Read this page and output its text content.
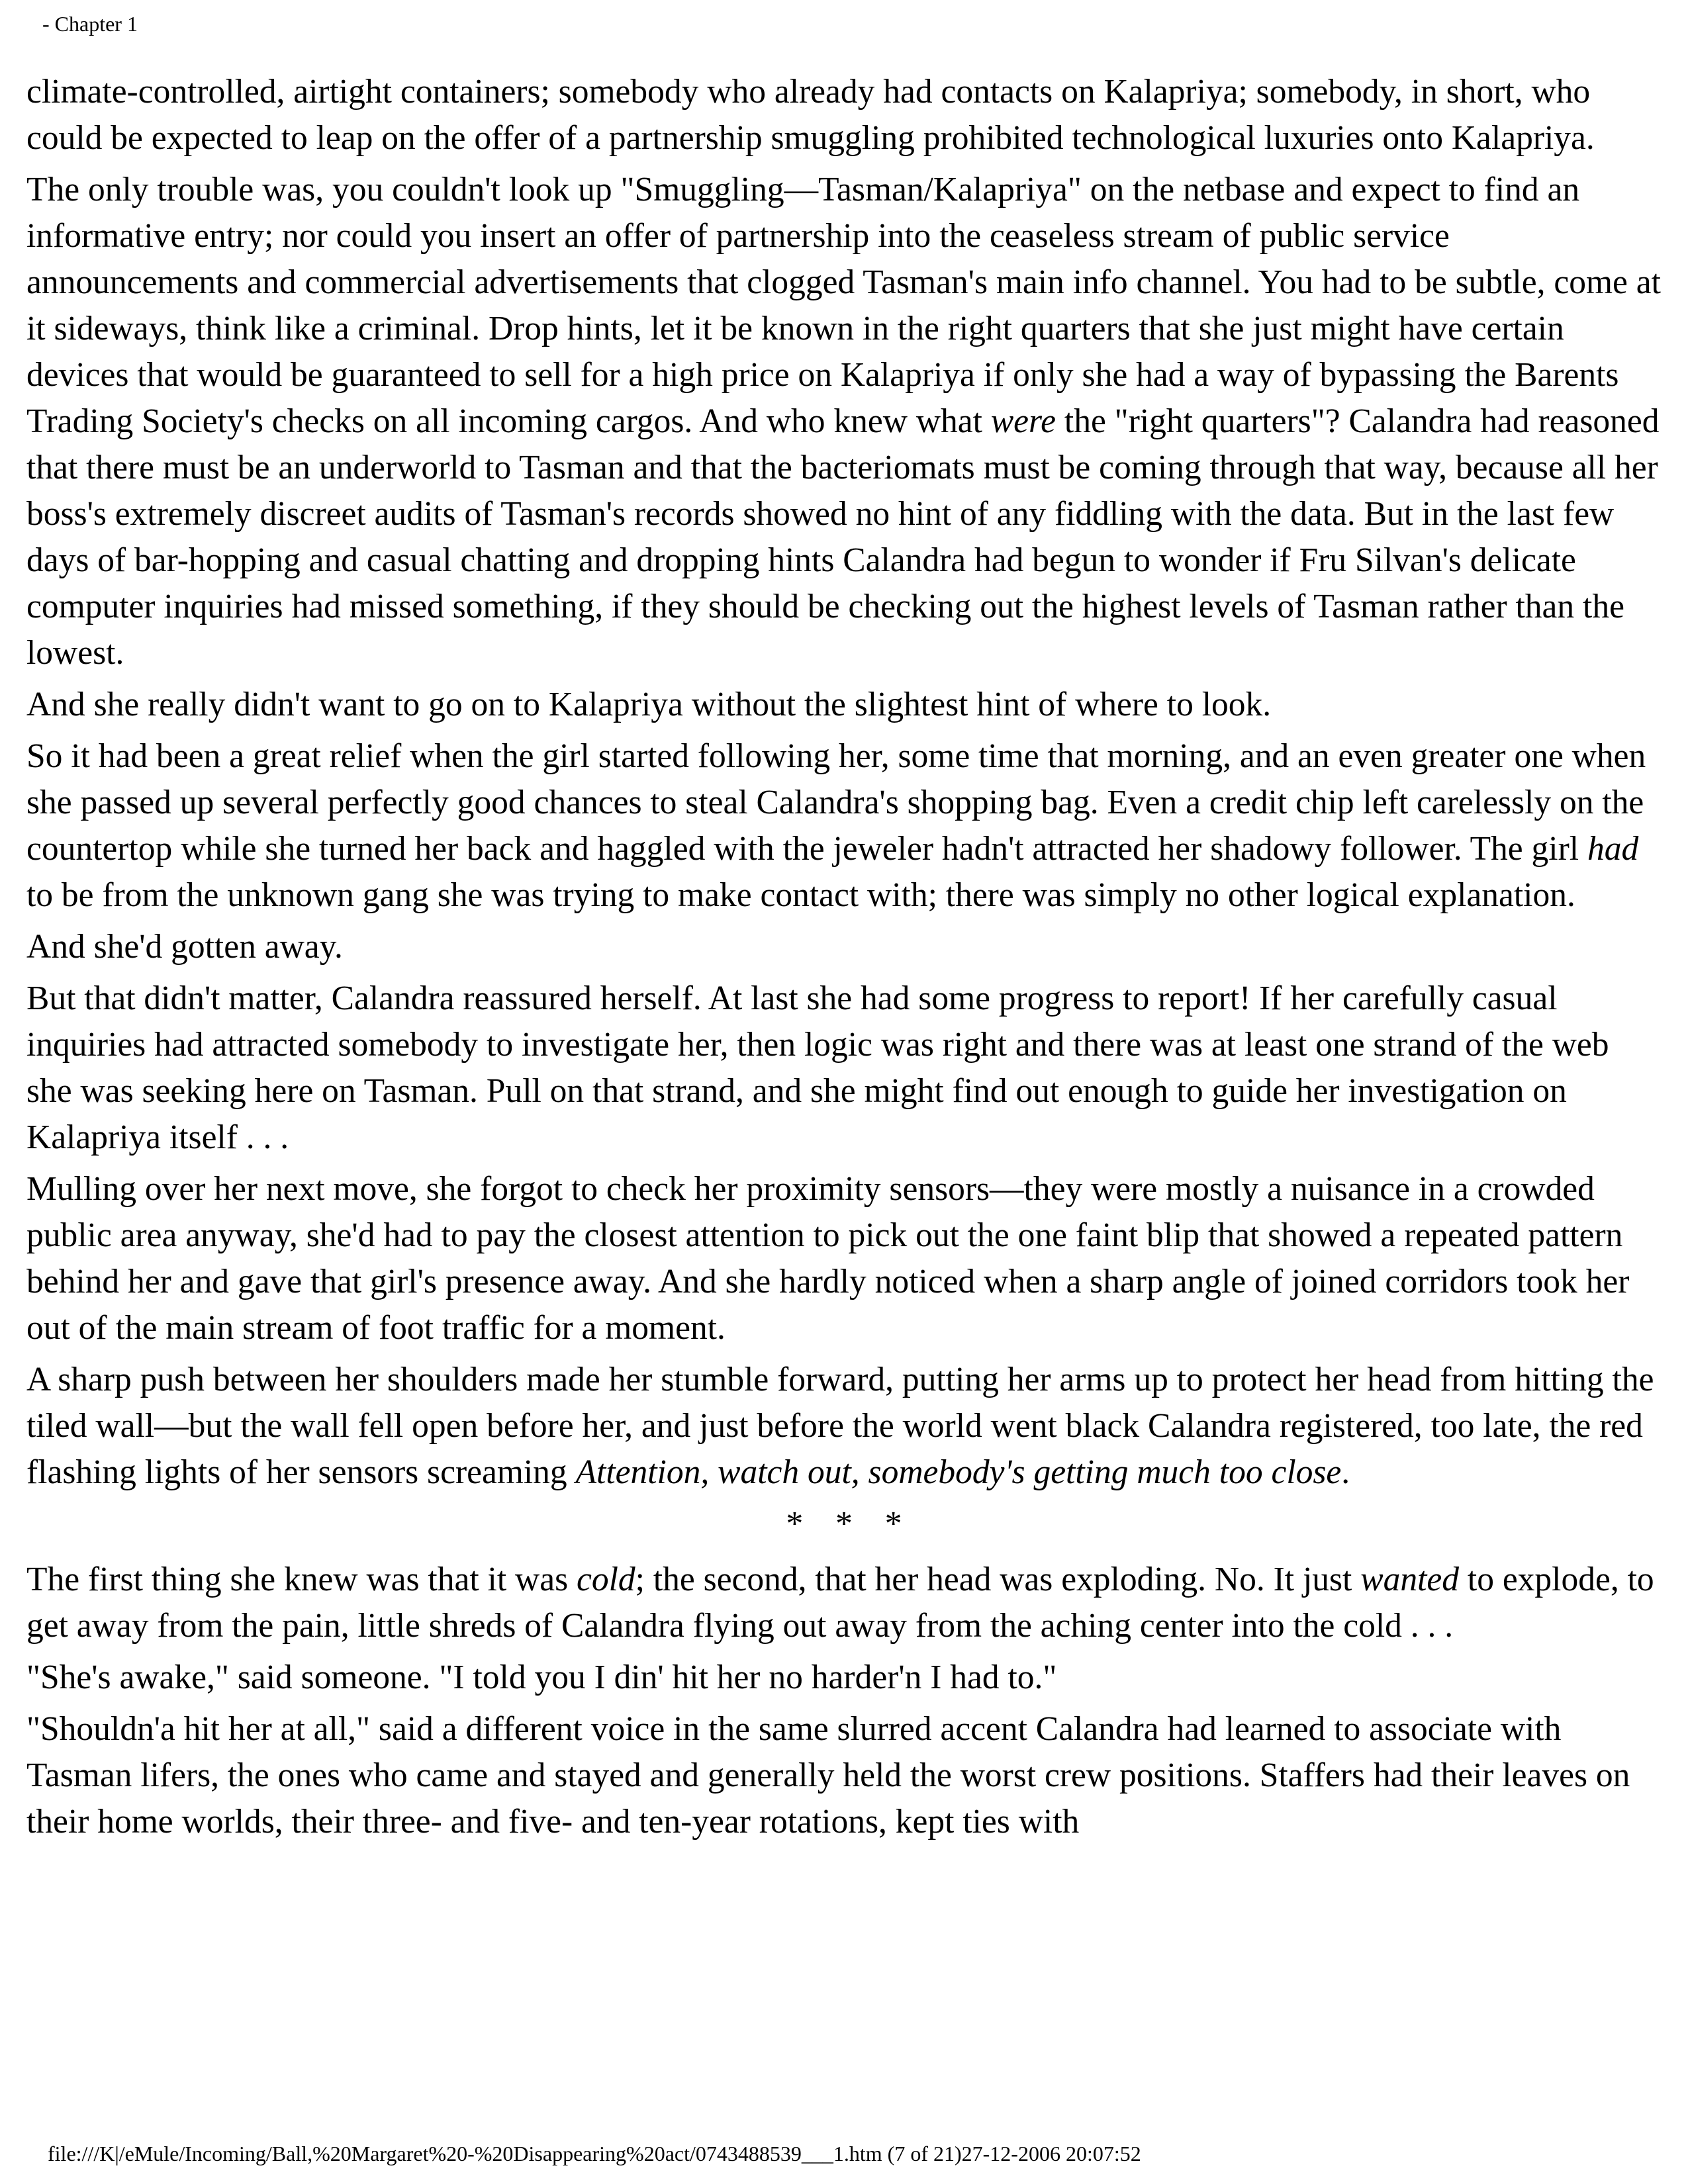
- Chapter 1

climate-controlled, airtight containers; somebody who already had contacts on Kalapriya; somebody, in short, who could be expected to leap on the offer of a partnership smuggling prohibited technological luxuries onto Kalapriya.

The only trouble was, you couldn't look up "Smuggling—Tasman/Kalapriya" on the netbase and expect to find an informative entry; nor could you insert an offer of partnership into the ceaseless stream of public service announcements and commercial advertisements that clogged Tasman's main info channel. You had to be subtle, come at it sideways, think like a criminal. Drop hints, let it be known in the right quarters that she just might have certain devices that would be guaranteed to sell for a high price on Kalapriya if only she had a way of bypassing the Barents Trading Society's checks on all incoming cargos. And who knew what were the "right quarters"? Calandra had reasoned that there must be an underworld to Tasman and that the bacteriomats must be coming through that way, because all her boss's extremely discreet audits of Tasman's records showed no hint of any fiddling with the data. But in the last few days of bar-hopping and casual chatting and dropping hints Calandra had begun to wonder if Fru Silvan's delicate computer inquiries had missed something, if they should be checking out the highest levels of Tasman rather than the lowest.

And she really didn't want to go on to Kalapriya without the slightest hint of where to look.

So it had been a great relief when the girl started following her, some time that morning, and an even greater one when she passed up several perfectly good chances to steal Calandra's shopping bag. Even a credit chip left carelessly on the countertop while she turned her back and haggled with the jeweler hadn't attracted her shadowy follower. The girl had to be from the unknown gang she was trying to make contact with; there was simply no other logical explanation.

And she'd gotten away.

But that didn't matter, Calandra reassured herself. At last she had some progress to report! If her carefully casual inquiries had attracted somebody to investigate her, then logic was right and there was at least one strand of the web she was seeking here on Tasman. Pull on that strand, and she might find out enough to guide her investigation on Kalapriya itself . . .

Mulling over her next move, she forgot to check her proximity sensors—they were mostly a nuisance in a crowded public area anyway, she'd had to pay the closest attention to pick out the one faint blip that showed a repeated pattern behind her and gave that girl's presence away. And she hardly noticed when a sharp angle of joined corridors took her out of the main stream of foot traffic for a moment.

A sharp push between her shoulders made her stumble forward, putting her arms up to protect her head from hitting the tiled wall—but the wall fell open before her, and just before the world went black Calandra registered, too late, the red flashing lights of her sensors screaming Attention, watch out, somebody's getting much too close.

* * *

The first thing she knew was that it was cold; the second, that her head was exploding. No. It just wanted to explode, to get away from the pain, little shreds of Calandra flying out away from the aching center into the cold . . .

"She's awake," said someone. "I told you I din' hit her no harder'n I had to."

"Shouldn'a hit her at all," said a different voice in the same slurred accent Calandra had learned to associate with Tasman lifers, the ones who came and stayed and generally held the worst crew positions. Staffers had their leaves on their home worlds, their three- and five- and ten-year rotations, kept ties with

file:///K|/eMule/Incoming/Ball,%20Margaret%20-%20Disappearing%20act/0743488539___1.htm (7 of 21)27-12-2006 20:07:52
